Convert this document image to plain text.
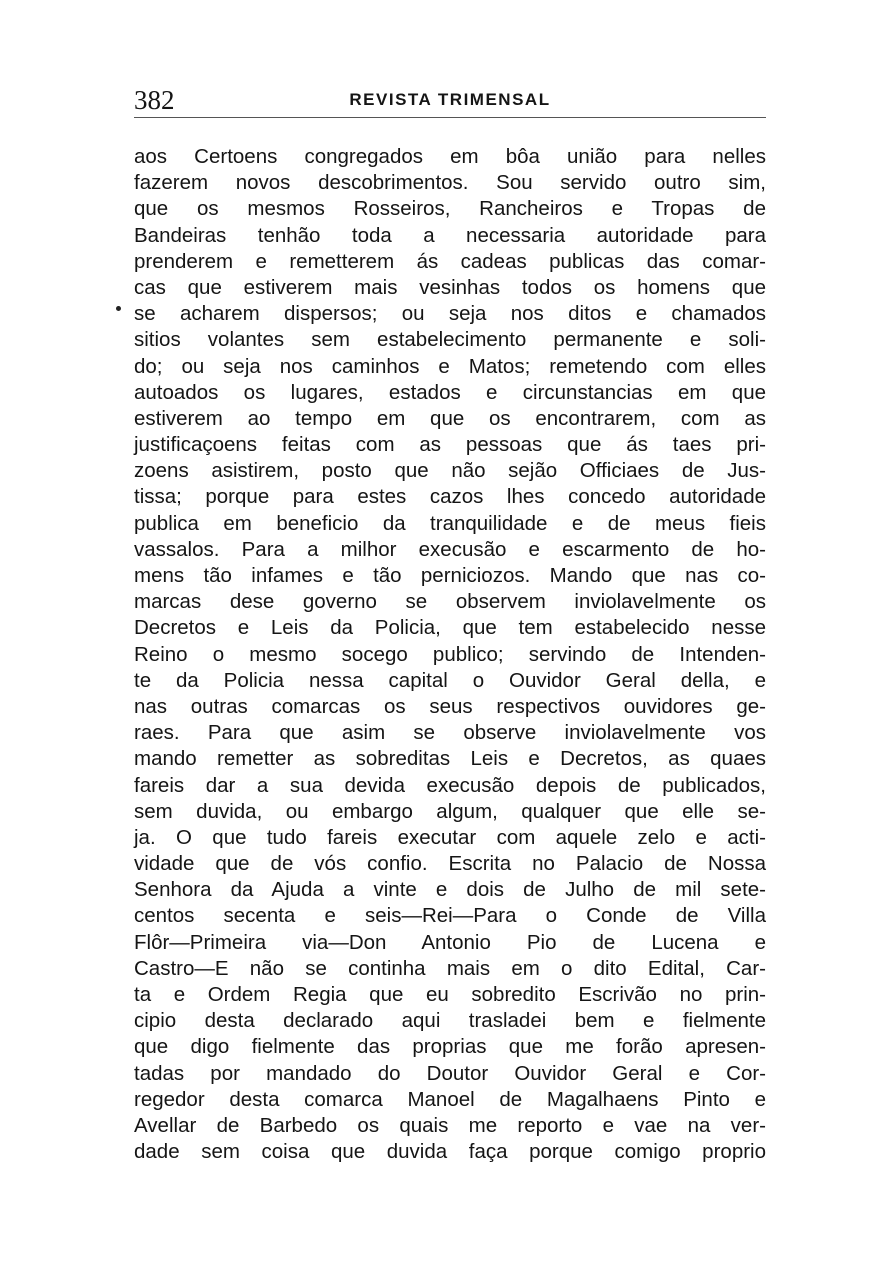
382	REVISTA TRIMENSAL
aos Certoens congregados em bôa união para nelles
fazerem novos descobrimentos. Sou servido outro sim,
que os mesmos Rosseiros, Rancheiros e Tropas de
Bandeiras tenhão toda a necessaria autoridade para
prenderem e remetterem ás cadeas publicas das comar-
cas que estiverem mais vesinhas todos os homens que
se acharem dispersos; ou seja nos ditos e chamados
sitios volantes sem estabelecimento permanente e soli-
do; ou seja nos caminhos e Matos; remetendo com elles
autoados os lugares, estados e circunstancias em que
estiverem ao tempo em que os encontrarem, com as
justificaçoens feitas com as pessoas que ás taes pri-
zoens asistirem, posto que não sejão Officiaes de Jus-
tissa; porque para estes cazos lhes concedo autoridade
publica em beneficio da tranquilidade e de meus fieis
vassalos. Para a milhor execusão e escarmento de ho-
mens tão infames e tão perniciozos. Mando que nas co-
marcas dese governo se observem inviolavelmente os
Decretos e Leis da Policia, que tem estabelecido nesse
Reino o mesmo socego publico; servindo de Intenden-
te da Policia nessa capital o Ouvidor Geral della, e
nas outras comarcas os seus respectivos ouvidores ge-
raes. Para que asim se observe inviolavelmente vos
mando remetter as sobreditas Leis e Decretos, as quaes
fareis dar a sua devida execusão depois de publicados,
sem duvida, ou embargo algum, qualquer que elle se-
ja. O que tudo fareis executar com aquele zelo e acti-
vidade que de vós confio. Escrita no Palacio de Nossa
Senhora da Ajuda a vinte e dois de Julho de mil sete-
centos secenta e seis—Rei—Para o Conde de Villa
Flôr—Primeira via—Don Antonio Pio de Lucena e
Castro—E não se continha mais em o dito Edital, Car-
ta e Ordem Regia que eu sobredito Escrivão no prin-
cipio desta declarado aqui trasladei bem e fielmente
que digo fielmente das proprias que me forão apresen-
tadas por mandado do Doutor Ouvidor Geral e Cor-
regedor desta comarca Manoel de Magalhaens Pinto e
Avellar de Barbedo os quais me reporto e vae na ver-
dade sem coisa que duvida faça porque comigo proprio
